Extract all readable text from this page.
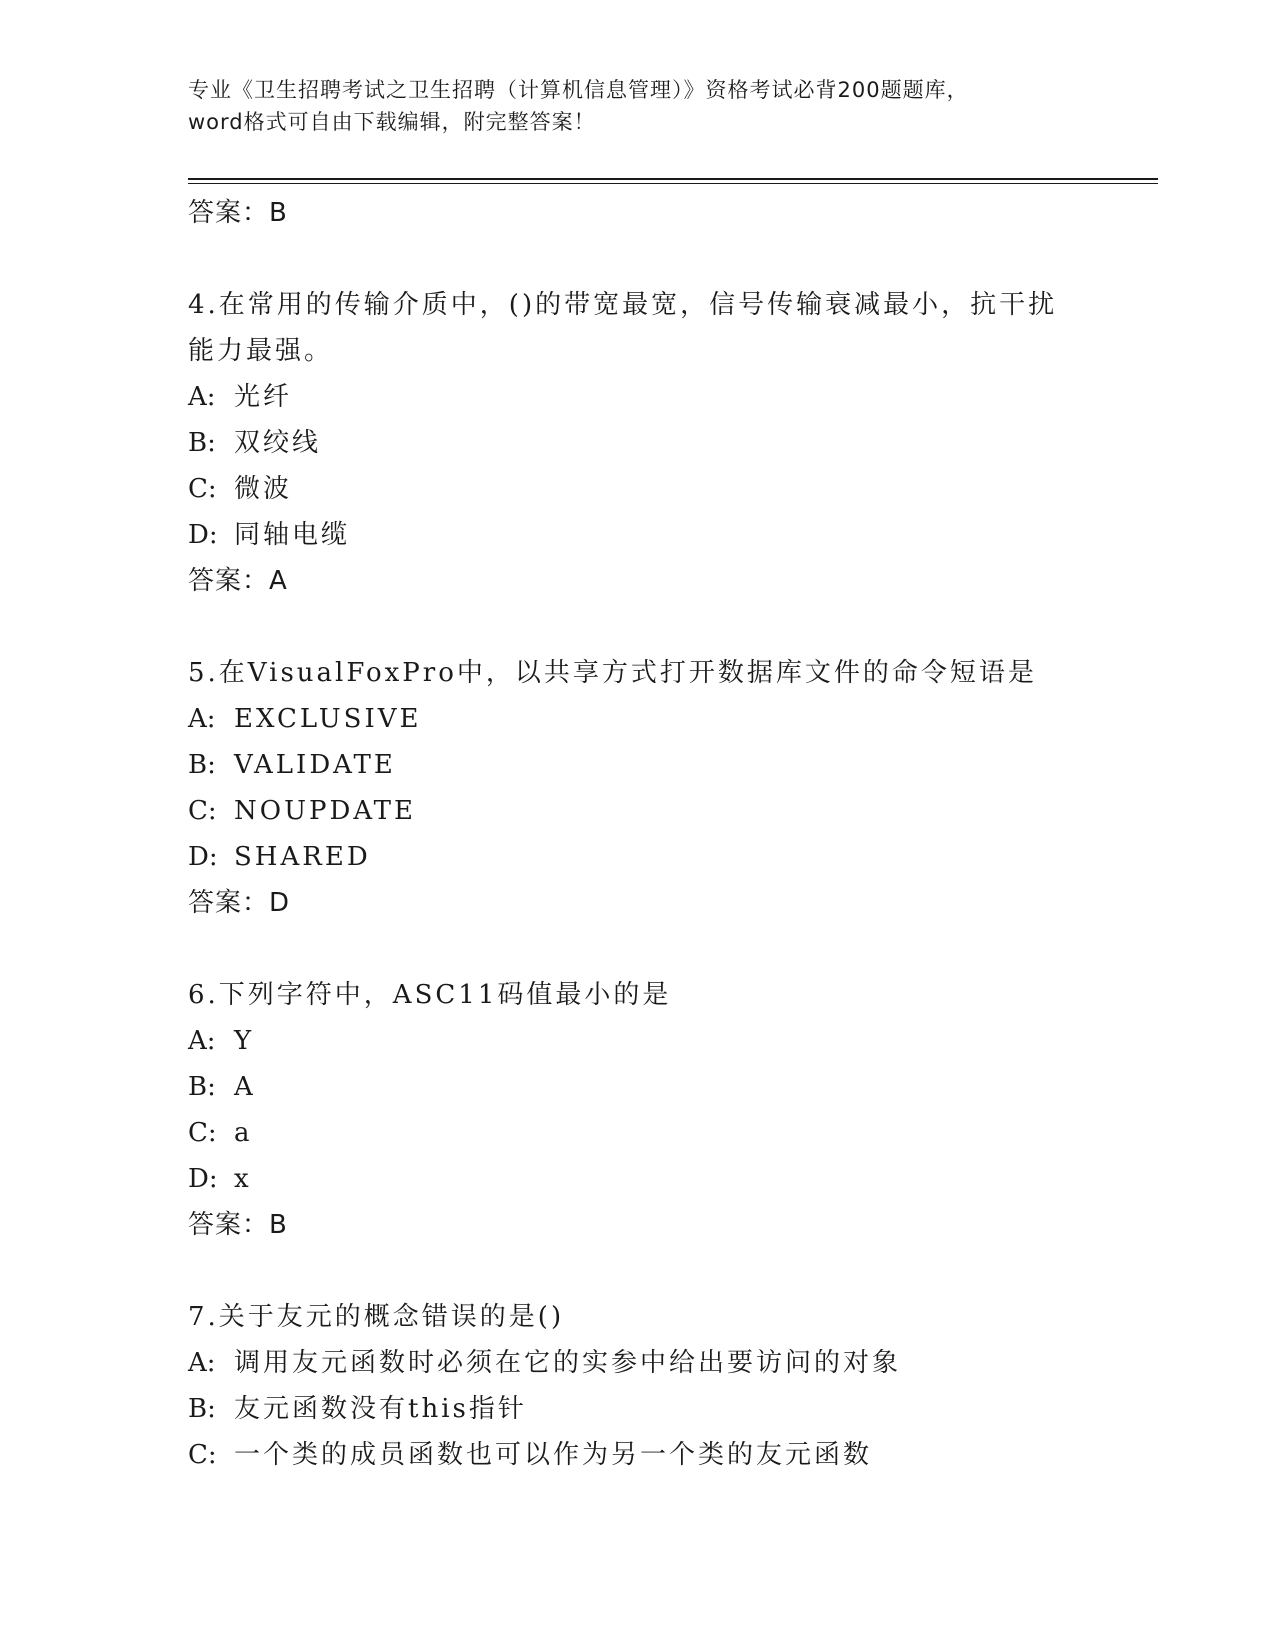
专业《卫生招聘考试之卫生招聘（计算机信息管理）》资格考试必背200题题库，
word格式可自由下载编辑，附完整答案！
答案：B
4.在常用的传输介质中，()的带宽最宽，信号传输衰减最小，抗干扰
能力最强。
A: 光纤
B: 双绞线
C: 微波
D: 同轴电缆
答案：A
5.在VisualFoxPro中，以共享方式打开数据库文件的命令短语是
A: EXCLUSIVE
B: VALIDATE
C: NOUPDATE
D: SHARED
答案：D
6.下列字符中，ASC11码值最小的是
A: Y
B: A
C: a
D: x
答案：B
7.关于友元的概念错误的是()
A: 调用友元函数时必须在它的实参中给出要访问的对象
B: 友元函数没有this指针
C: 一个类的成员函数也可以作为另一个类的友元函数
